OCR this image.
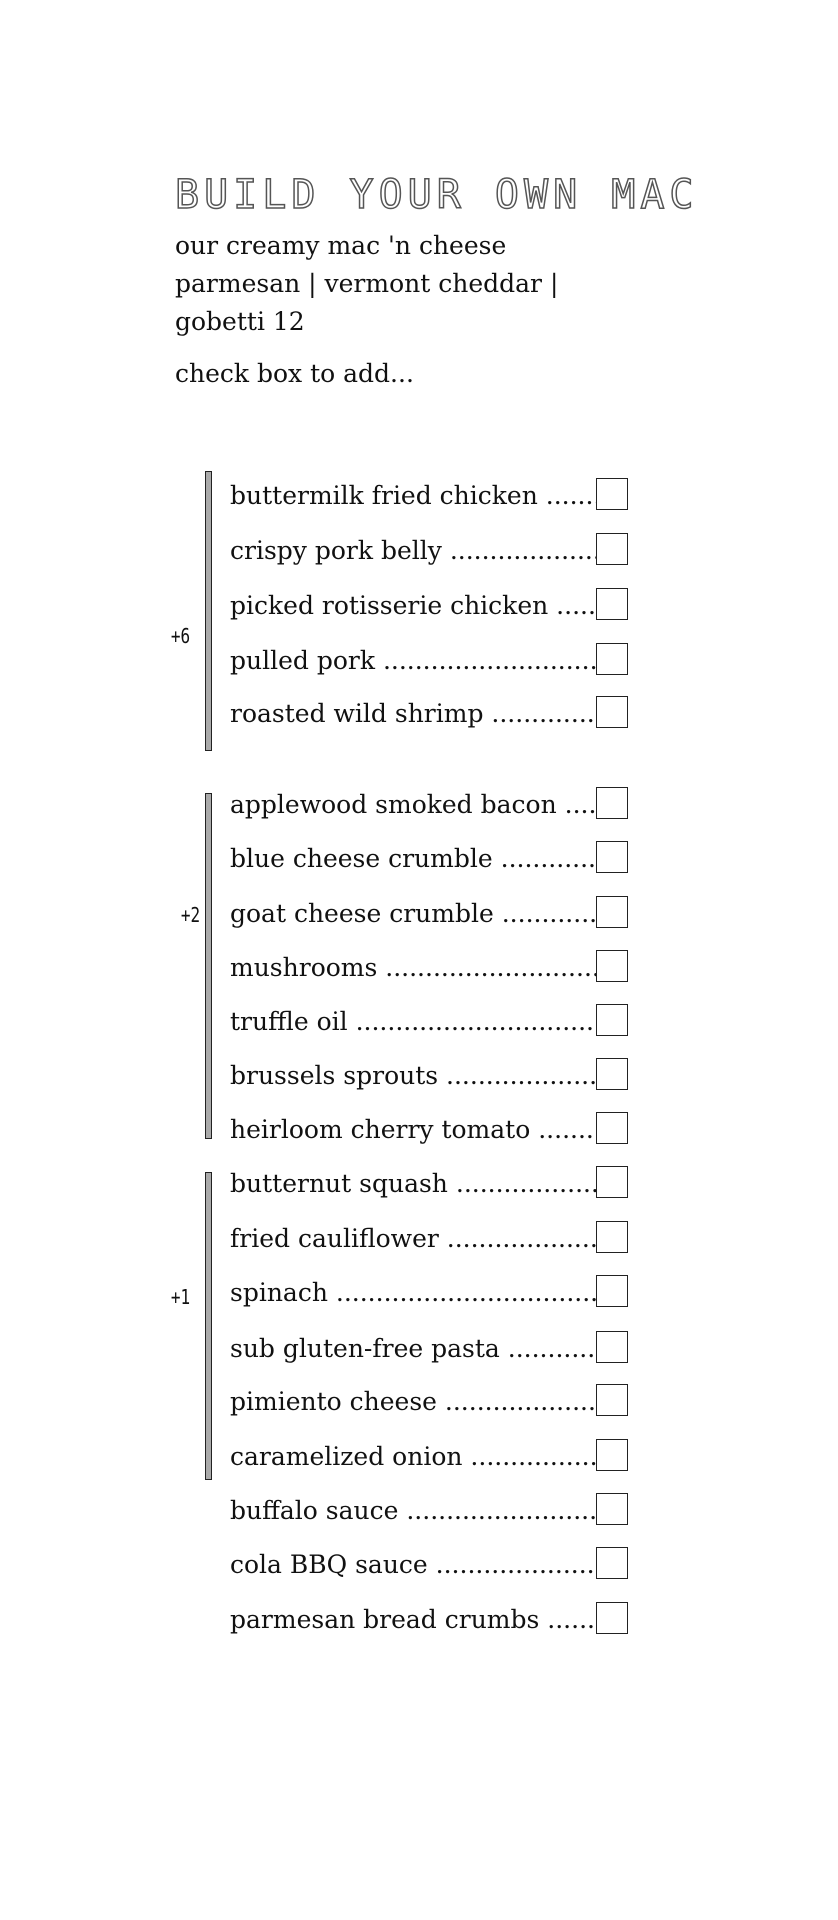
BUILD YOUR OWN MAC

our creamy mac 'n cheese
parmesan | vermont cheddar |
gobetti 12

check box to add...

+6
buttermilk fried chicken .....
crispy pork belly .....
picked rotisserie chicken .....
pulled pork .....
roasted wild shrimp .....
+2
applewood smoked bacon .....
blue cheese crumble .....
goat cheese crumble .....
mushrooms .....
truffle oil .....
brussels sprouts .....
heirloom cherry tomato .....
+1
butternut squash .....
fried cauliflower .....
spinach .....
sub gluten-free pasta .....
pimiento cheese .....
caramelized onion .....
buffalo sauce .....
cola BBQ sauce .....
parmesan bread crumbs .....
